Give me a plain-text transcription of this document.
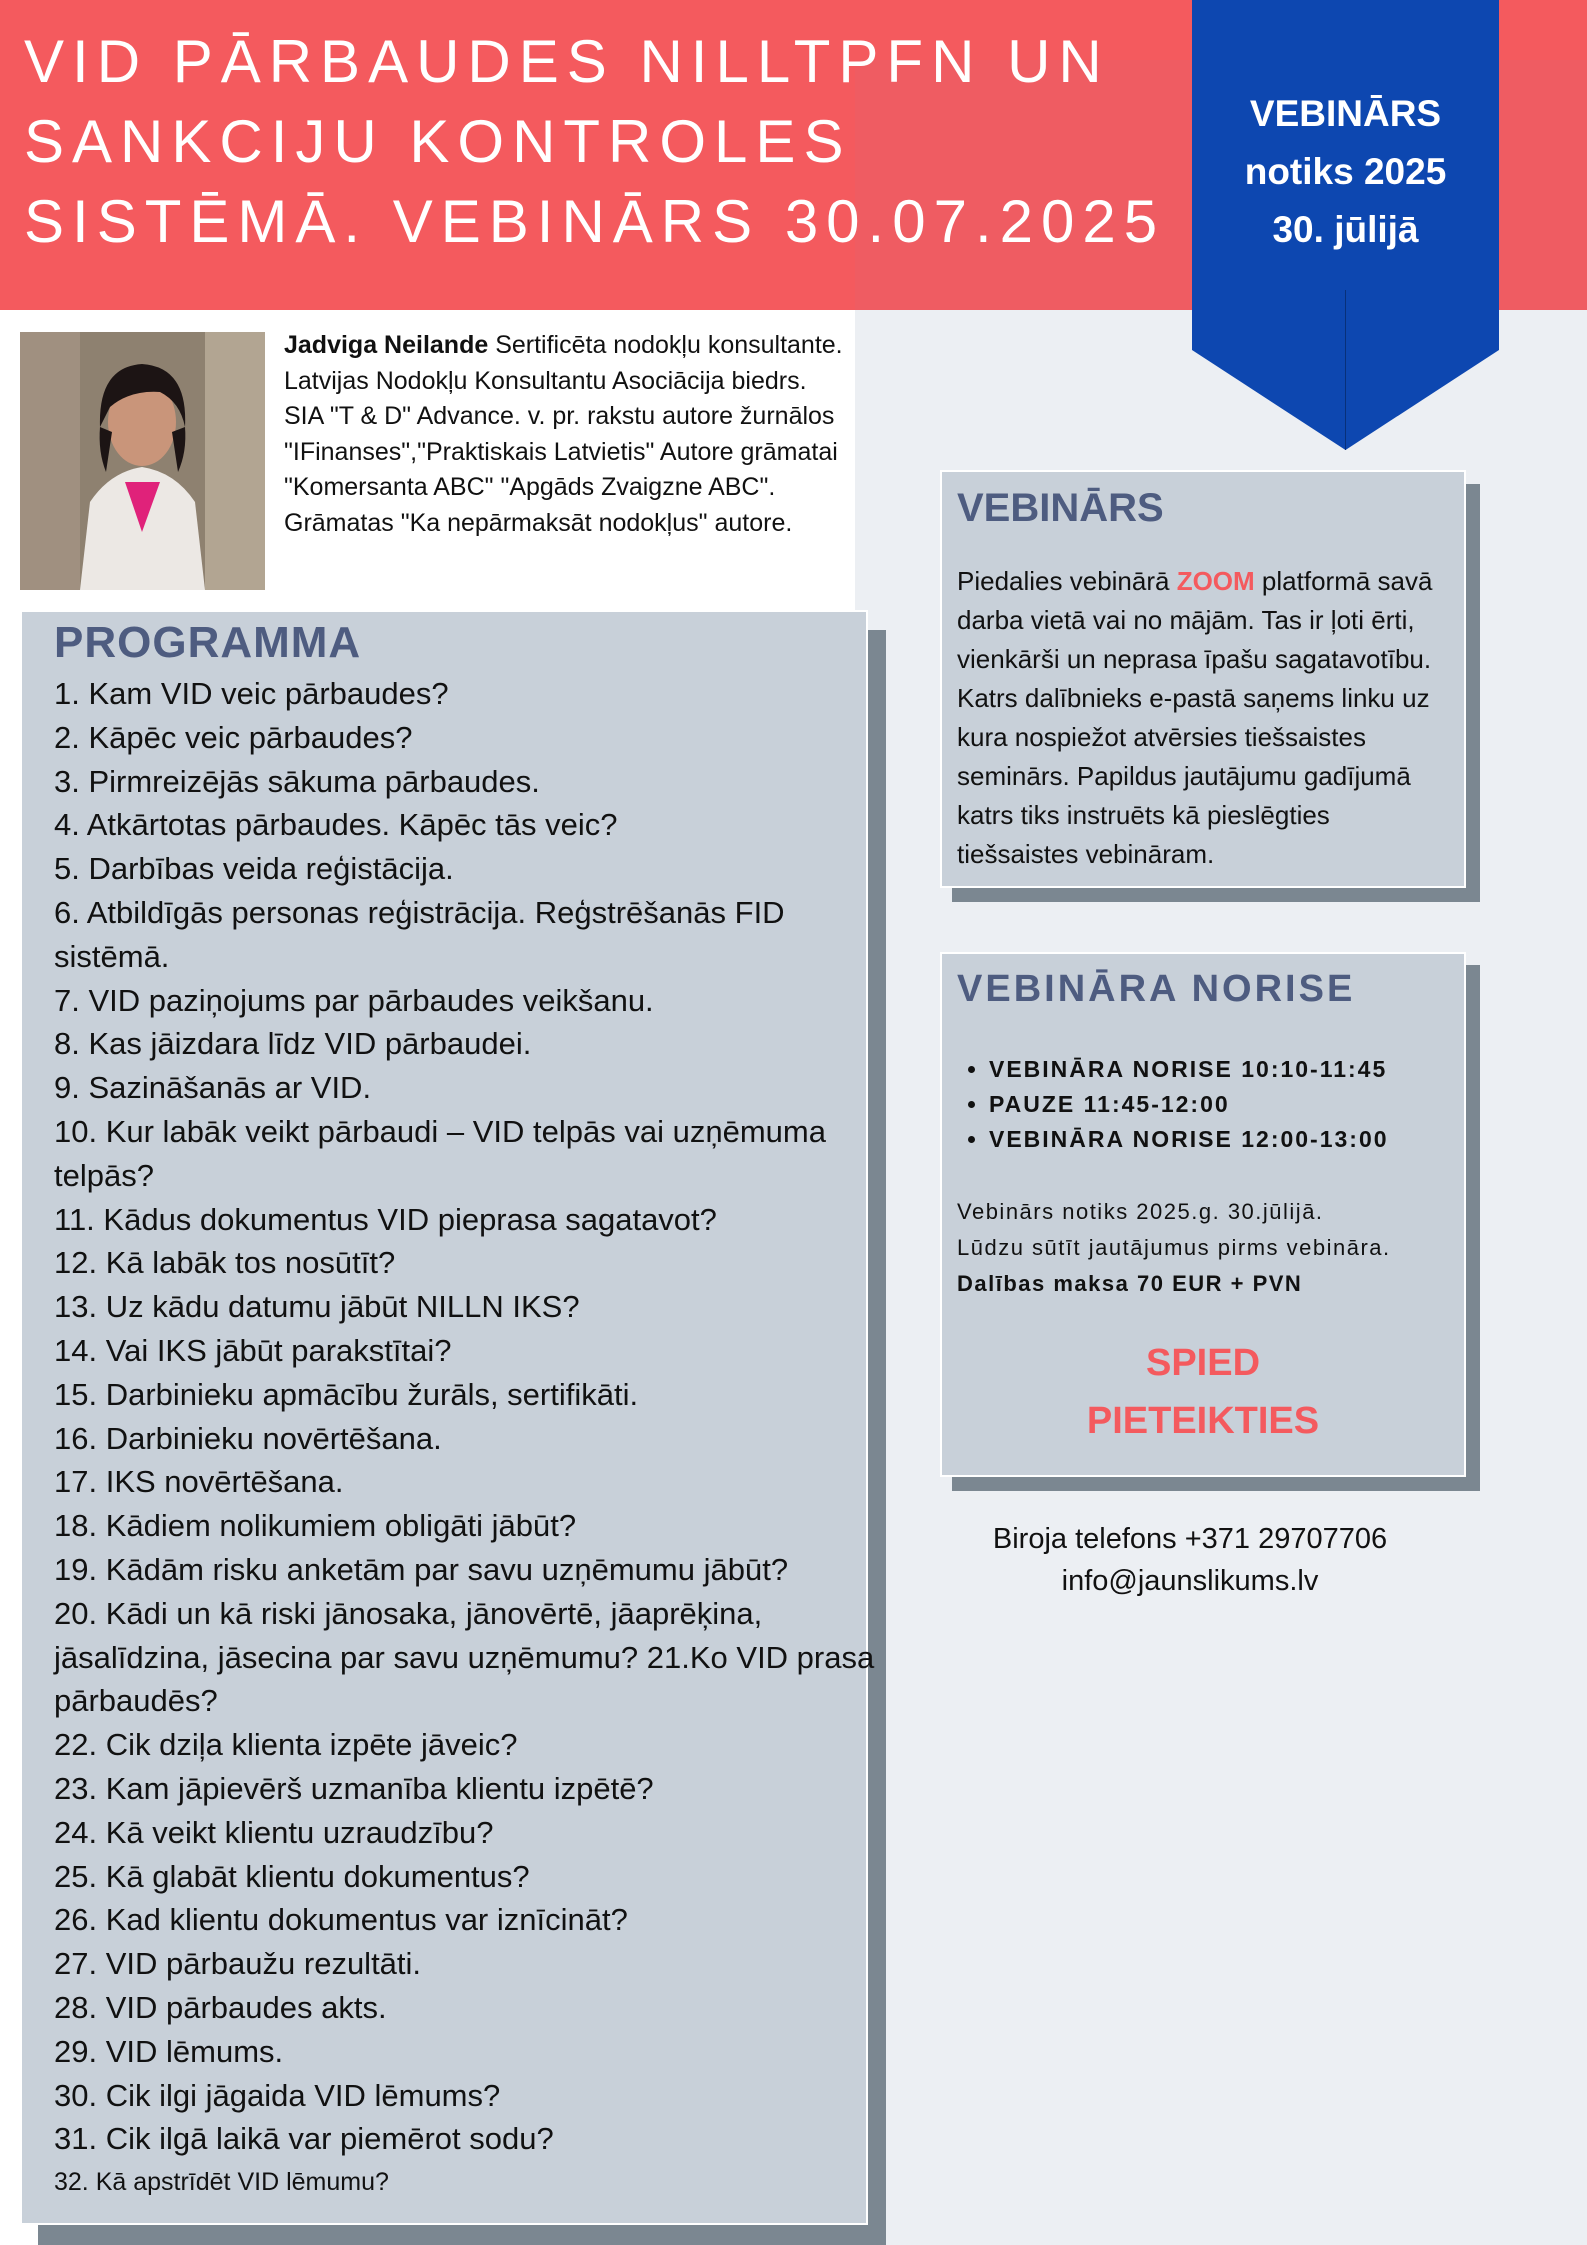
VID PĀRBAUDES NILLTPFN UN SANKCIJU KONTROLES SISTĒMĀ. VEBINĀRS 30.07.2025
VEBINĀRS
notiks 2025
30. jūlijā
Jadviga Neilande Sertificēta nodokļu konsultante. Latvijas Nodokļu Konsultantu Asociācija biedrs. SIA "T & D" Advance. v. pr. rakstu autore žurnālos "IFinanses","Praktiskais Latvietis" Autore grāmatai "Komersanta ABC" "Apgāds Zvaigzne ABC". Grāmatas "Ka nepārmaksāt nodokļus" autore.
PROGRAMMA
1. Kam VID veic pārbaudes?
2. Kāpēc veic pārbaudes?
3. Pirmreizējās sākuma pārbaudes.
4. Atkārtotas pārbaudes. Kāpēc tās veic?
5. Darbības veida reģistācija.
6. Atbildīgās personas reģistrācija. Reģstrēšanās FID sistēmā.
7. VID paziņojums par pārbaudes veikšanu.
8. Kas jāizdara līdz VID pārbaudei.
9. Sazināšanās ar VID.
10. Kur labāk veikt pārbaudi – VID telpās vai uzņēmuma telpās?
11. Kādus dokumentus VID pieprasa sagatavot?
12. Kā labāk tos nosūtīt?
13. Uz kādu datumu jābūt NILLN IKS?
14. Vai IKS jābūt parakstītai?
15. Darbinieku apmācību žurāls, sertifikāti.
16. Darbinieku novērtēšana.
17. IKS novērtēšana.
18. Kādiem nolikumiem obligāti jābūt?
19. Kādām risku anketām par savu uzņēmumu jābūt?
20. Kādi un kā riski jānosaka, jānovērtē, jāaprēķina, jāsalīdzina, jāsecina par savu uzņēmumu? 21.Ko VID prasa pārbaudēs?
22. Cik dziļa klienta izpēte jāveic?
23. Kam jāpievērš uzmanība klientu izpētē?
24. Kā veikt klientu uzraudzību?
25. Kā glabāt klientu dokumentus?
26. Kad klientu dokumentus var iznīcināt?
27. VID pārbaužu rezultāti.
28. VID pārbaudes akts.
29. VID lēmums.
30. Cik ilgi jāgaida VID lēmums?
31. Cik ilgā laikā var piemērot sodu?
32. Kā apstrīdēt VID lēmumu?
VEBINĀRS
Piedalies vebinārā ZOOM platformā savā darba vietā vai no mājām. Tas ir ļoti ērti, vienkārši un neprasa īpašu sagatavotību. Katrs dalībnieks e-pastā saņems linku uz kura nospiežot atvērsies tiešsaistes seminārs. Papildus jautājumu gadījumā katrs tiks instruēts kā pieslēgties tiešsaistes vebināram.
VEBINĀRA NORISE
• VEBINĀRA NORISE 10:10-11:45
• PAUZE 11:45-12:00
• VEBINĀRA NORISE 12:00-13:00
Vebinārs notiks 2025.g. 30.jūlijā.
Lūdzu sūtīt jautājumus pirms vebināra.
Dalības maksa 70 EUR + PVN
SPIED
PIETEIKTIES
Biroja telefons +371 29707706
info@jaunslikums.lv
